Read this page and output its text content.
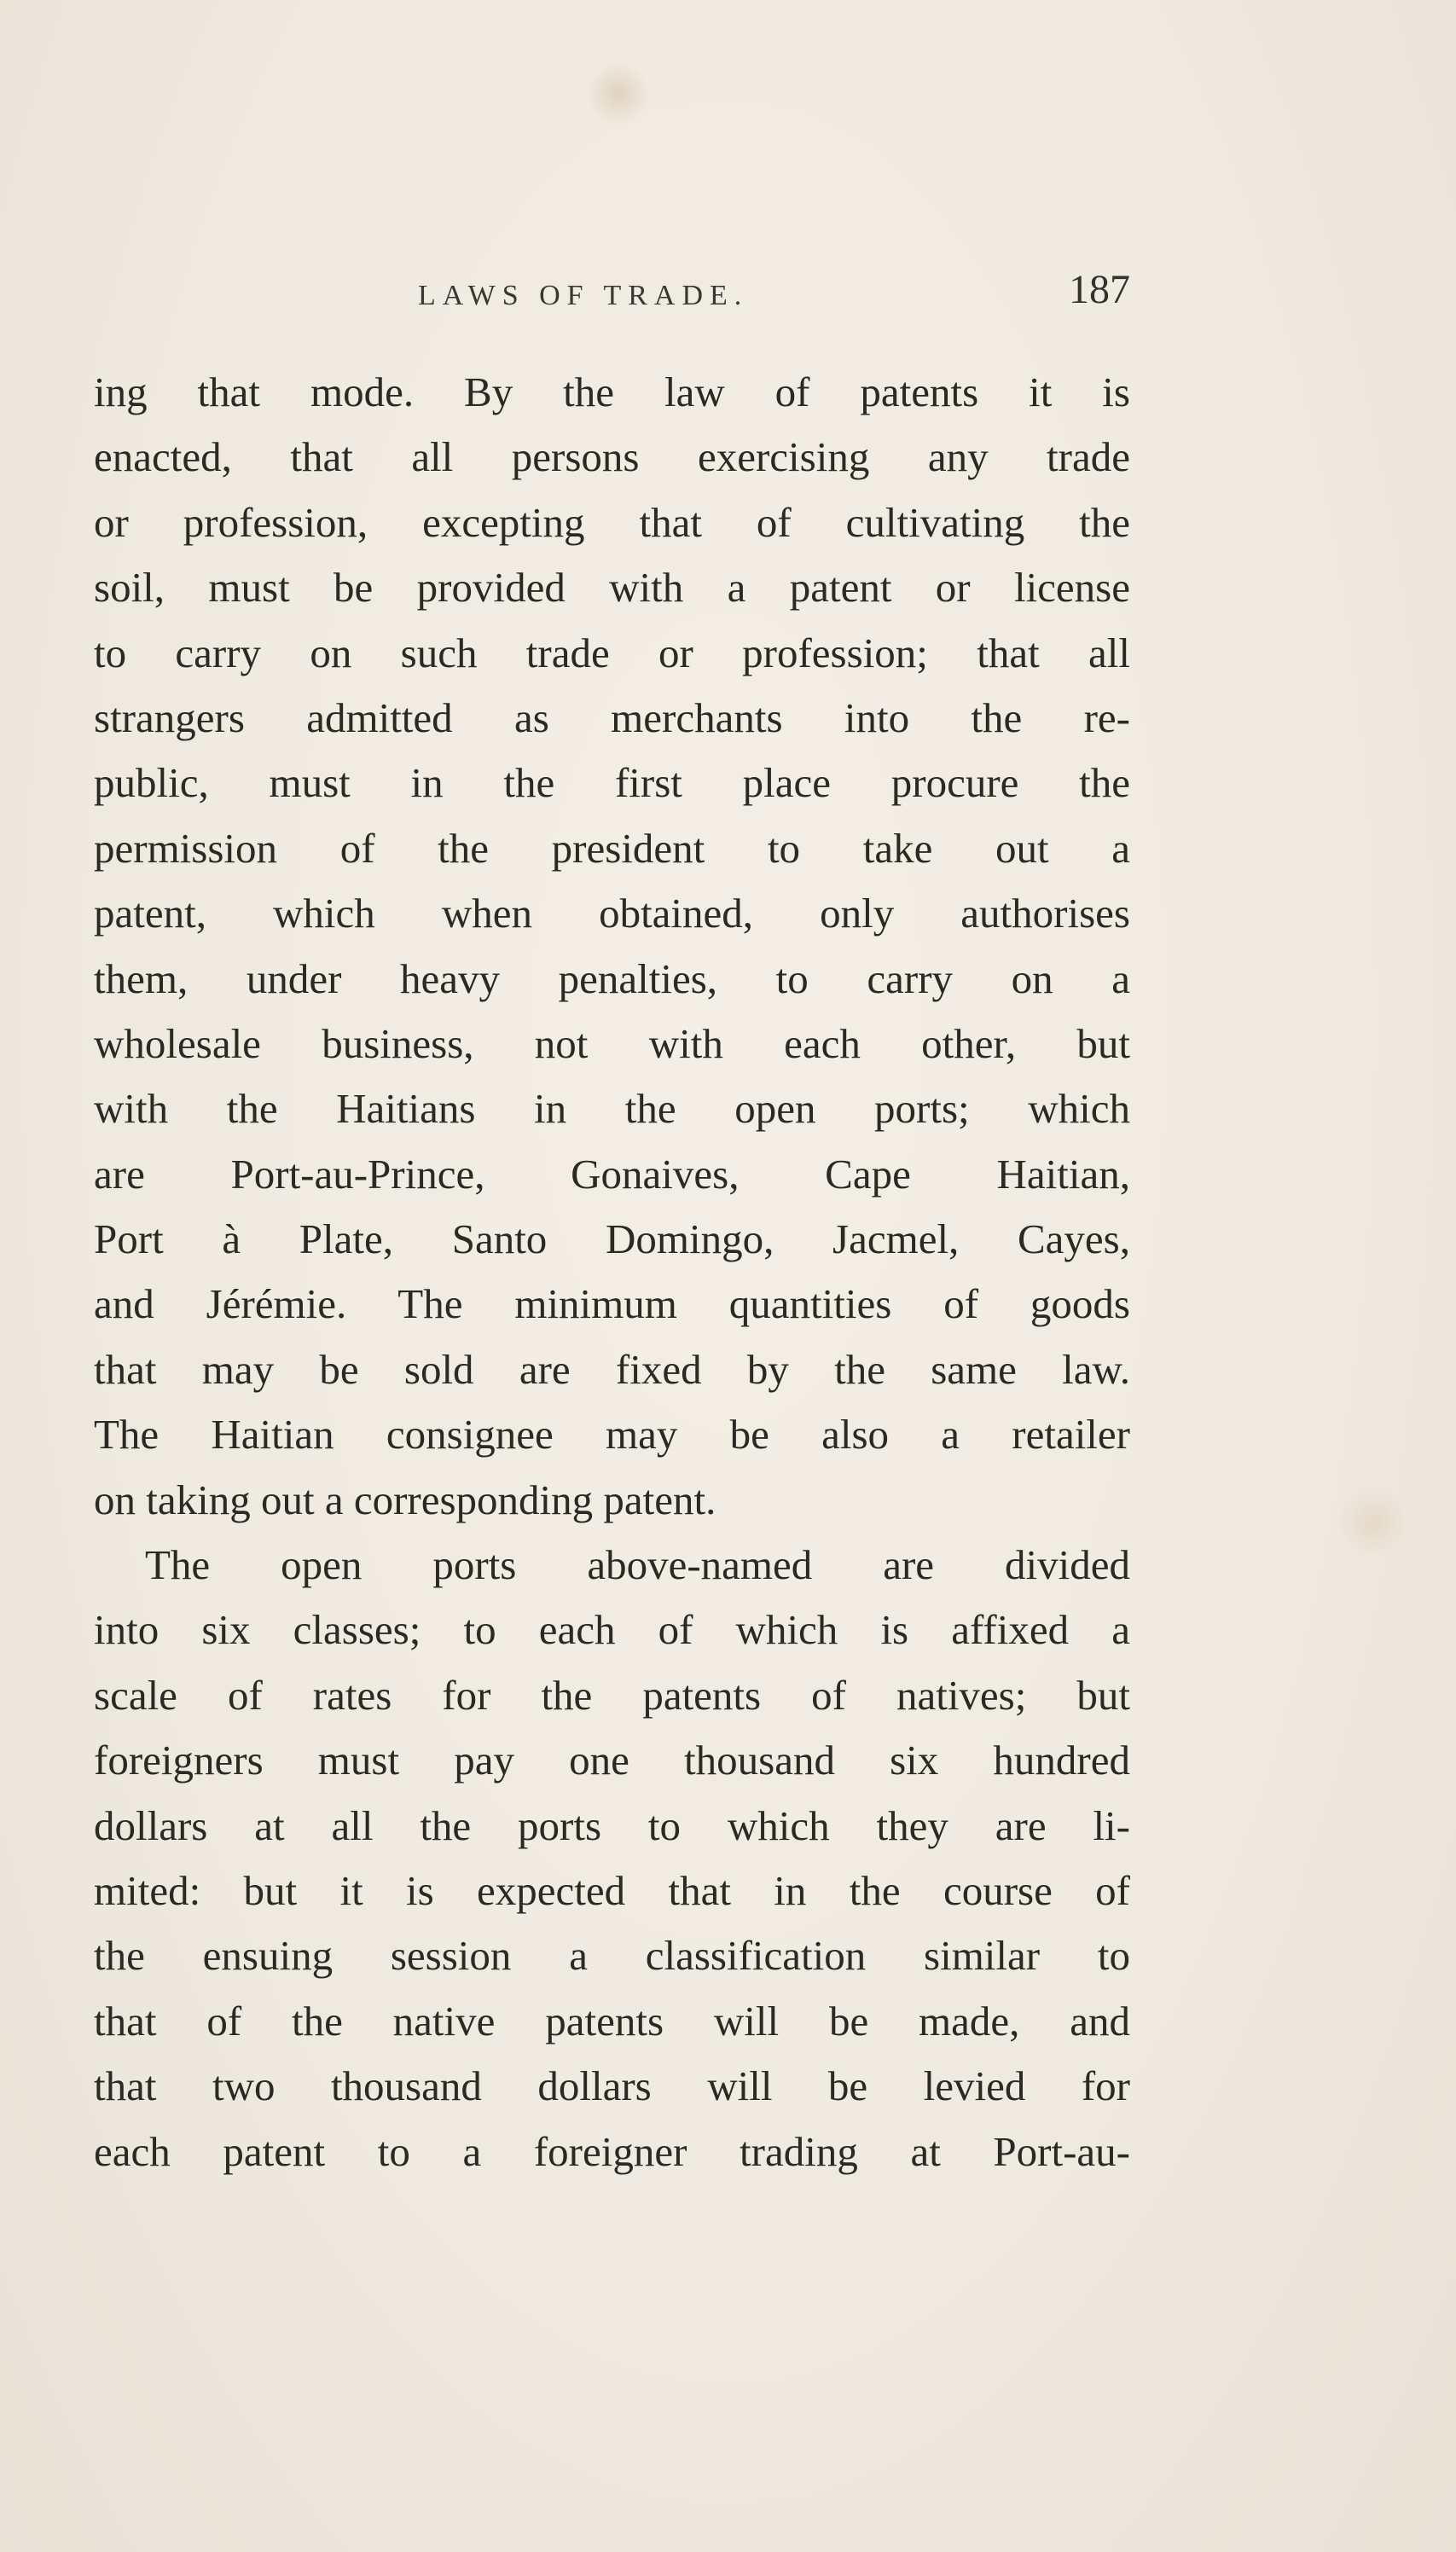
LAWS OF TRADE.	187
ing that mode. By the law of patents it is
enacted, that all persons exercising any trade
or profession, excepting that of cultivating the
soil, must be provided with a patent or license
to carry on such trade or profession; that all
strangers admitted as merchants into the re-
public, must in the first place procure the
permission of the president to take out a
patent, which when obtained, only authorises
them, under heavy penalties, to carry on a
wholesale business, not with each other, but
with the Haitians in the open ports; which
are Port-au-Prince, Gonaives, Cape Haitian,
Port à Plate, Santo Domingo, Jacmel, Cayes,
and Jérémie. The minimum quantities of goods
that may be sold are fixed by the same law.
The Haitian consignee may be also a retailer
on taking out a corresponding patent.
The open ports above-named are divided
into six classes; to each of which is affixed a
scale of rates for the patents of natives; but
foreigners must pay one thousand six hundred
dollars at all the ports to which they are li-
mited: but it is expected that in the course of
the ensuing session a classification similar to
that of the native patents will be made, and
that two thousand dollars will be levied for
each patent to a foreigner trading at Port-au-
